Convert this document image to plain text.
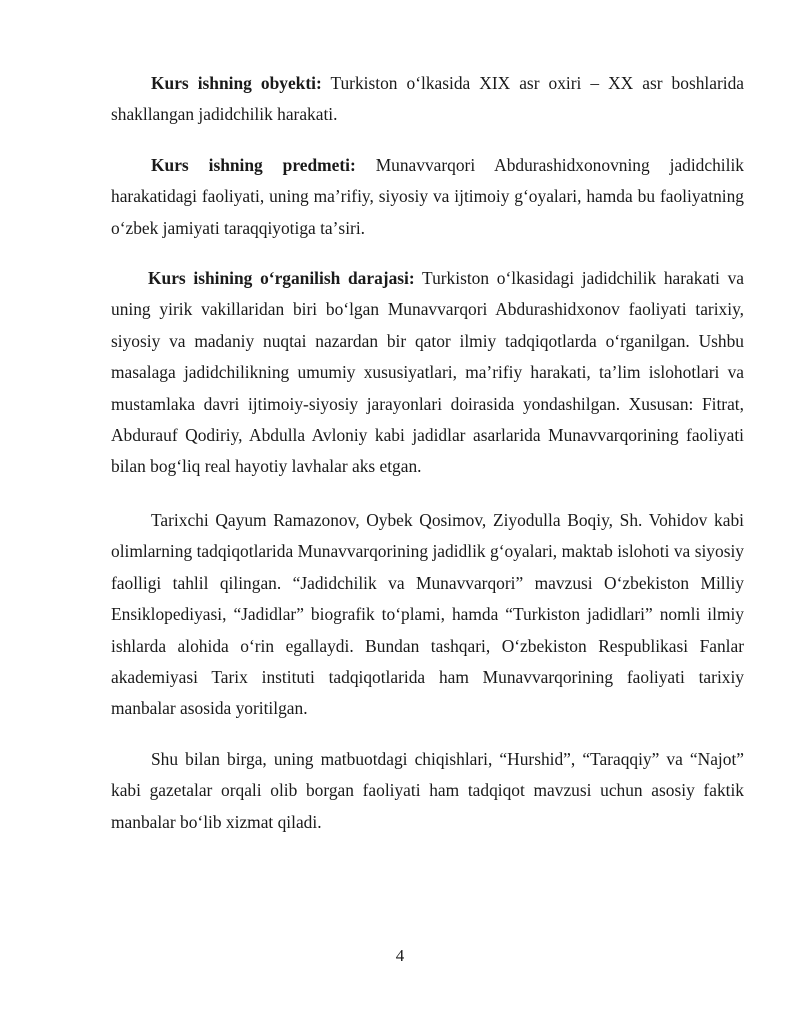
Kurs ishning obyekti: Turkiston oʻlkasida XIX asr oxiri – XX asr boshlarida shakllangan jadidchilik harakati.

Kurs ishning predmeti: Munavvarqori Abdurashidxonovning jadidchilik harakatidagi faoliyati, uning maʼrifiy, siyosiy va ijtimoiy gʻoyalari, hamda bu faoliyatning oʻzbek jamiyati taraqqiyotiga taʼsiri.

Kurs ishining oʻrganilish darajasi: Turkiston oʻlkasidagi jadidchilik harakati va uning yirik vakillaridan biri boʻlgan Munavvarqori Abdurashidxonov faoliyati tarixiy, siyosiy va madaniy nuqtai nazardan bir qator ilmiy tadqiqotlarda oʻrganilgan. Ushbu masalaga jadidchilikning umumiy xususiyatlari, maʼrifiy harakati, taʼlim islohotlari va mustamlaka davri ijtimoiy-siyosiy jarayonlari doirasida yondashilgan. Xususan: Fitrat, Abdurauf Qodiriy, Abdulla Avloniy kabi jadidlar asarlarida Munavvarqorining faoliyati bilan bogʻliq real hayotiy lavhalar aks etgan.

Tarixchi Qayum Ramazonov, Oybek Qosimov, Ziyodulla Boqiy, Sh. Vohidov kabi olimlarning tadqiqotlarida Munavvarqorining jadidlik gʻoyalari, maktab islohoti va siyosiy faolligi tahlil qilingan. “Jadidchilik va Munavvarqori” mavzusi Oʻzbekiston Milliy Ensiklopediyasi, “Jadidlar” biografik toʻplami, hamda “Turkiston jadidlari” nomli ilmiy ishlarda alohida oʻrin egallaydi. Bundan tashqari, Oʻzbekiston Respublikasi Fanlar akademiyasi Tarix instituti tadqiqotlarida ham Munavvarqorining faoliyati tarixiy manbalar asosida yoritilgan.

Shu bilan birga, uning matbuotdagi chiqishlari, “Hurshid”, “Taraqqiy” va “Najot” kabi gazetalar orqali olib borgan faoliyati ham tadqiqot mavzusi uchun asosiy faktik manbalar boʻlib xizmat qiladi.

4
